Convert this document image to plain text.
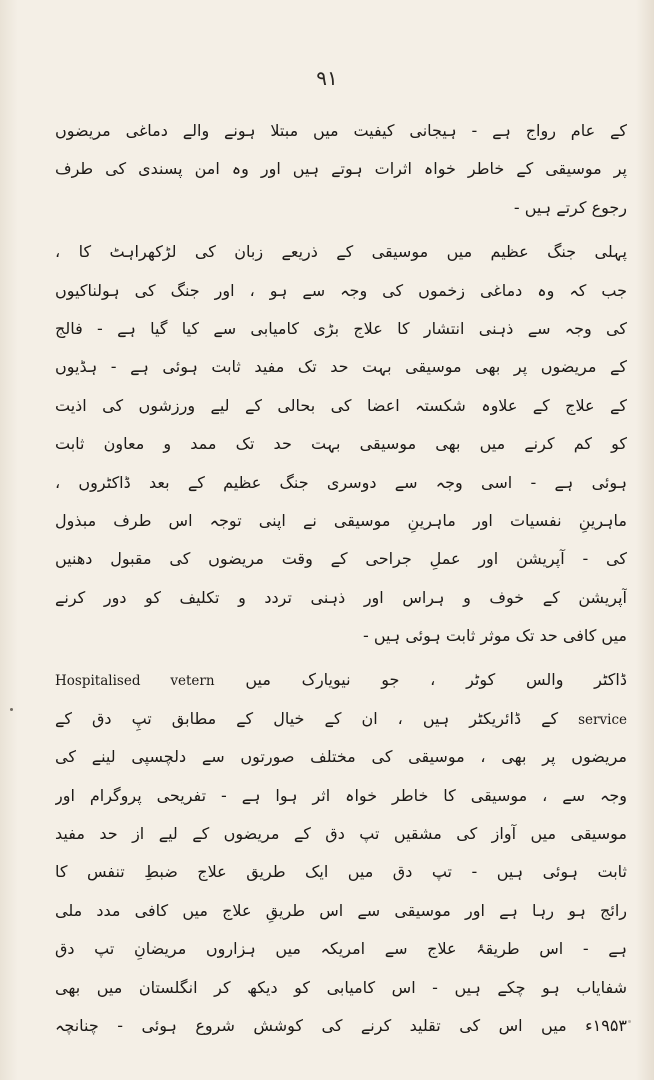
۹۱
کے عام رواج ہے - ہیجانی کیفیت میں مبتلا ہونے والے دماغی مریضوں
پر موسیقی کے خاطر خواہ اثرات ہوتے ہیں اور وہ امن پسندی کی طرف
رجوع کرتے ہیں -
پہلی جنگ عظیم میں موسیقی کے ذریعے زبان کی لڑکھراہٹ کا ،
جب کہ وہ دماغی زخموں کی وجہ سے ہو ، اور جنگ کی ہولناکیوں
کی وجہ سے ذہنی انتشار کا علاج بڑی کامیابی سے کیا گیا ہے - فالج
کے مریضوں پر بھی موسیقی بہت حد تک مفید ثابت ہوئی ہے - ہڈیوں
کے علاج کے علاوہ شکستہ اعضا کی بحالی کے لیے ورزشوں کی اذیت
کو کم کرنے میں بھی موسیقی بہت حد تک ممد و معاون ثابت
ہوئی ہے - اسی وجہ سے دوسری جنگ عظیم کے بعد ڈاکٹروں ،
ماہرینِ نفسیات اور ماہرینِ موسیقی نے اپنی توجہ اس طرف مبذول
کی - آپریشن اور عملِ جراحی کے وقت مریضوں کی مقبول دھنیں
آپریشن کے خوف و ہراس اور ذہنی تردد و تکلیف کو دور کرنے
میں کافی حد تک موثر ثابت ہوئی ہیں -
ڈاکٹر والس کوٹر ، جو نیویارک میں Hospitalised vetern
service کے ڈائریکٹر ہیں ، ان کے خیال کے مطابق تپِ دق کے
مریضوں پر بھی ، موسیقی کی مختلف صورتوں سے دلچسپی لینے کی
وجہ سے ، موسیقی کا خاطر خواہ اثر ہوا ہے - تفریحی پروگرام اور
موسیقی میں آواز کی مشقیں تپ دق کے مریضوں کے لیے از حد مفید
ثابت ہوئی ہیں - تپ دق میں ایک طریق علاج ضبطِ تنفس کا
رائج ہو رہا ہے اور موسیقی سے اس طریقِ علاج میں کافی مدد ملی
ہے - اس طریقۂ علاج سے امریکہ میں ہزاروں مریضانِ تپ دق
شفایاب ہو چکے ہیں - اس کامیابی کو دیکھ کر انگلستان میں بھی
۱۹۵۳ء میں اس کی تقلید کرنے کی کوشش شروع ہوئی - چنانچہ
